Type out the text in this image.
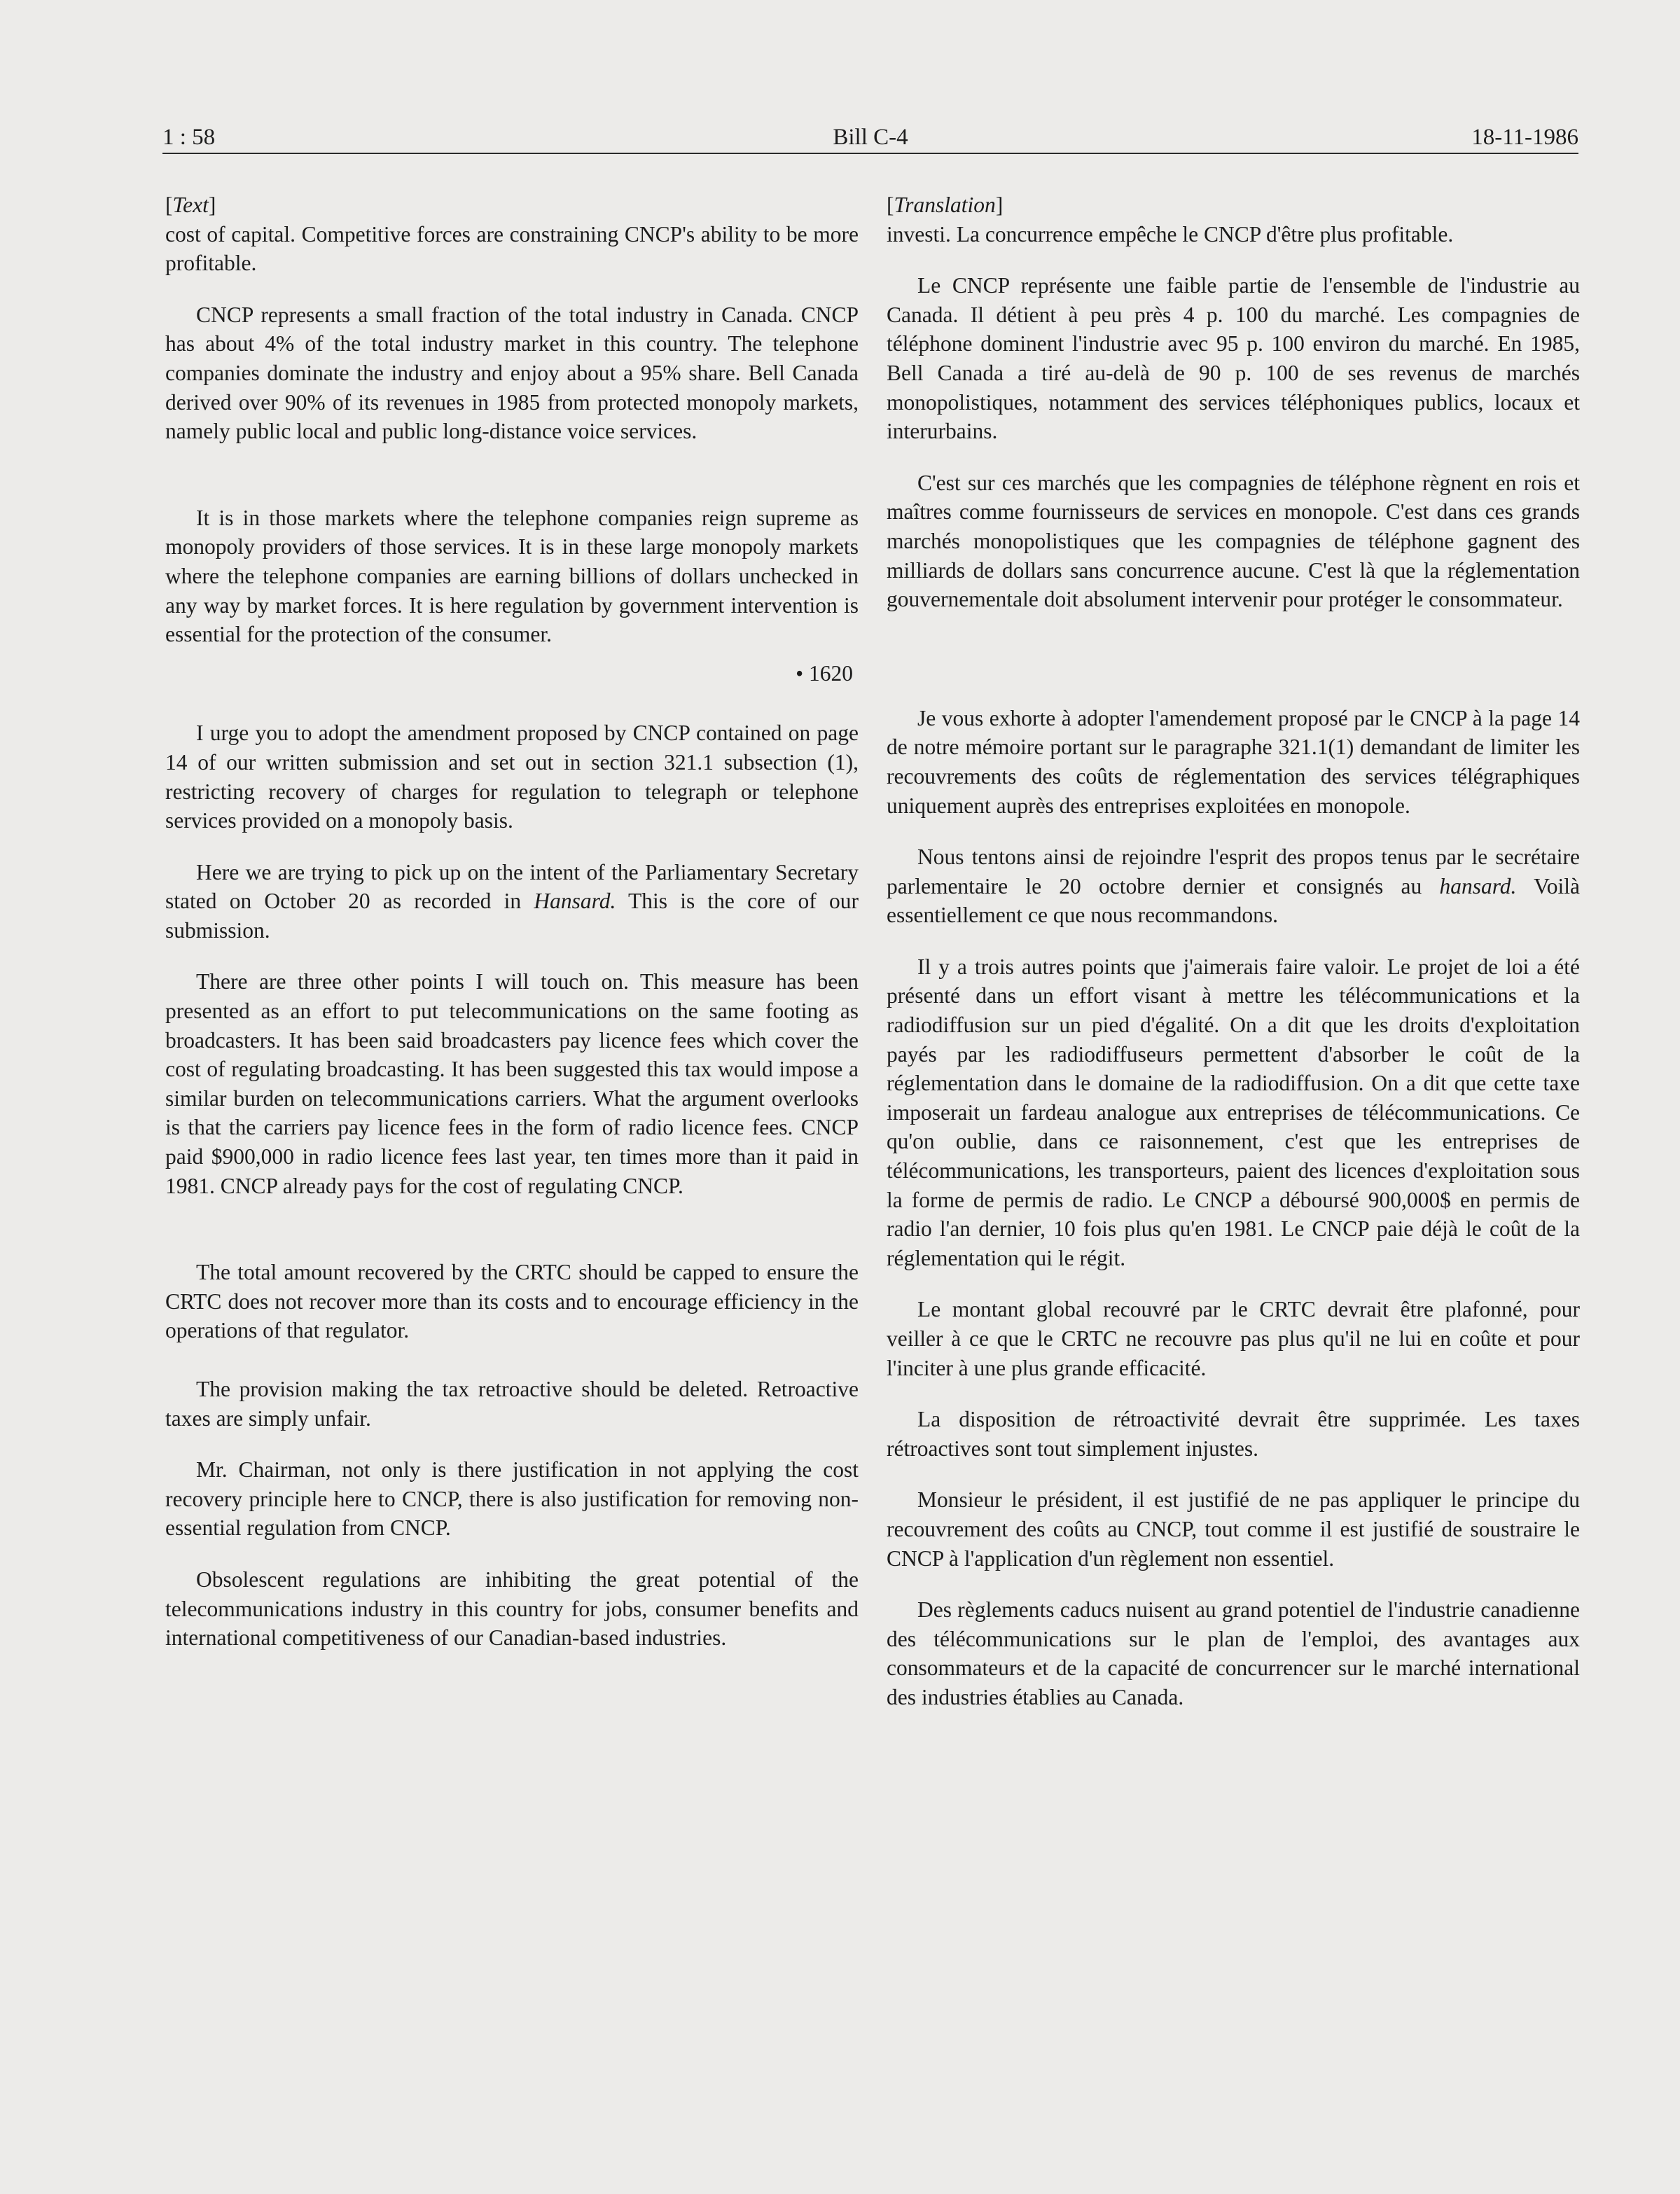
1 : 58	Bill C-4	18-11-1986
[Text]

cost of capital. Competitive forces are constraining CNCP's ability to be more profitable.

CNCP represents a small fraction of the total industry in Canada. CNCP has about 4% of the total industry market in this country. The telephone companies dominate the industry and enjoy about a 95% share. Bell Canada derived over 90% of its revenues in 1985 from protected monopoly markets, namely public local and public long-distance voice services.

It is in those markets where the telephone companies reign supreme as monopoly providers of those services. It is in these large monopoly markets where the telephone companies are earning billions of dollars unchecked in any way by market forces. It is here regulation by government intervention is essential for the protection of the consumer.

• 1620

I urge you to adopt the amendment proposed by CNCP contained on page 14 of our written submission and set out in section 321.1 subsection (1), restricting recovery of charges for regulation to telegraph or telephone services provided on a monopoly basis.

Here we are trying to pick up on the intent of the Parliamentary Secretary stated on October 20 as recorded in Hansard. This is the core of our submission.

There are three other points I will touch on. This measure has been presented as an effort to put telecommunications on the same footing as broadcasters. It has been said broadcasters pay licence fees which cover the cost of regulating broadcasting. It has been suggested this tax would impose a similar burden on telecommunications carriers. What the argument overlooks is that the carriers pay licence fees in the form of radio licence fees. CNCP paid $900,000 in radio licence fees last year, ten times more than it paid in 1981. CNCP already pays for the cost of regulating CNCP.

The total amount recovered by the CRTC should be capped to ensure the CRTC does not recover more than its costs and to encourage efficiency in the operations of that regulator.

The provision making the tax retroactive should be deleted. Retroactive taxes are simply unfair.

Mr. Chairman, not only is there justification in not applying the cost recovery principle here to CNCP, there is also justification for removing non-essential regulation from CNCP.

Obsolescent regulations are inhibiting the great potential of the telecommunications industry in this country for jobs, consumer benefits and international competitiveness of our Canadian-based industries.

[Translation]

investi. La concurrence empêche le CNCP d'être plus profitable.

Le CNCP représente une faible partie de l'ensemble de l'industrie au Canada. Il détient à peu près 4 p. 100 du marché. Les compagnies de téléphone dominent l'industrie avec 95 p. 100 environ du marché. En 1985, Bell Canada a tiré au-delà de 90 p. 100 de ses revenus de marchés monopolistiques, notamment des services téléphoniques publics, locaux et interurbains.

C'est sur ces marchés que les compagnies de téléphone règnent en rois et maîtres comme fournisseurs de services en monopole. C'est dans ces grands marchés monopolistiques que les compagnies de téléphone gagnent des milliards de dollars sans concurrence aucune. C'est là que la réglementation gouvernementale doit absolument intervenir pour protéger le consommateur.

Je vous exhorte à adopter l'amendement proposé par le CNCP à la page 14 de notre mémoire portant sur le paragraphe 321.1(1) demandant de limiter les recouvrements des coûts de réglementation des services télégraphiques uniquement auprès des entreprises exploitées en monopole.

Nous tentons ainsi de rejoindre l'esprit des propos tenus par le secrétaire parlementaire le 20 octobre dernier et consignés au hansard. Voilà essentiellement ce que nous recommandons.

Il y a trois autres points que j'aimerais faire valoir. Le projet de loi a été présenté dans un effort visant à mettre les télécommunications et la radiodiffusion sur un pied d'égalité. On a dit que les droits d'exploitation payés par les radiodiffuseurs permettent d'absorber le coût de la réglementation dans le domaine de la radiodiffusion. On a dit que cette taxe imposerait un fardeau analogue aux entreprises de télécommunications. Ce qu'on oublie, dans ce raisonnement, c'est que les entreprises de télécommunications, les transporteurs, paient des licences d'exploitation sous la forme de permis de radio. Le CNCP a déboursé 900,000$ en permis de radio l'an dernier, 10 fois plus qu'en 1981. Le CNCP paie déjà le coût de la réglementation qui le régit.

Le montant global recouvré par le CRTC devrait être plafonné, pour veiller à ce que le CRTC ne recouvre pas plus qu'il ne lui en coûte et pour l'inciter à une plus grande efficacité.

La disposition de rétroactivité devrait être supprimée. Les taxes rétroactives sont tout simplement injustes.

Monsieur le président, il est justifié de ne pas appliquer le principe du recouvrement des coûts au CNCP, tout comme il est justifié de soustraire le CNCP à l'application d'un règlement non essentiel.

Des règlements caducs nuisent au grand potentiel de l'industrie canadienne des télécommunications sur le plan de l'emploi, des avantages aux consommateurs et de la capacité de concurrencer sur le marché international des industries établies au Canada.
